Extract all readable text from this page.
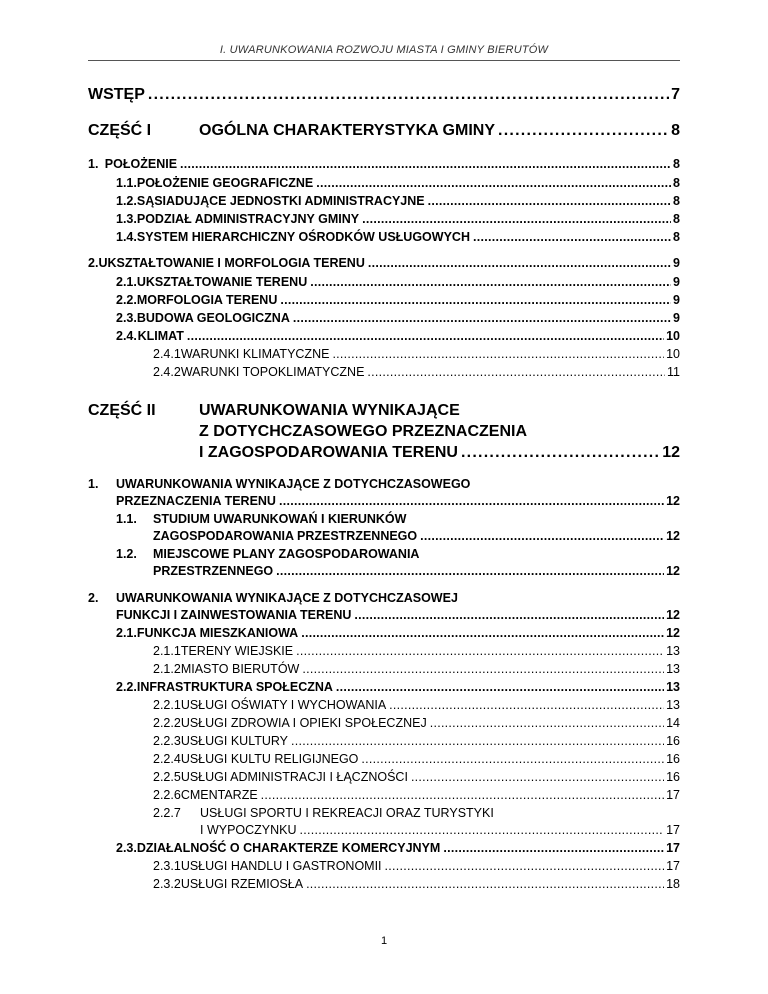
I. UWARUNKOWANIA ROZWOJU MIASTA I GMINY BIERUTÓW
WSTĘP . . .	7
CZĘŚĆ I	OGÓLNA CHARAKTERYSTYKA GMINY . . .	8
1. POŁOŻENIE . . .	8
1.1. POŁOŻENIE GEOGRAFICZNE . . .	8
1.2. SĄSIADUJĄCE JEDNOSTKI ADMINISTRACYJNE . . .	8
1.3. PODZIAŁ ADMINISTRACYJNY GMINY . . .	8
1.4. SYSTEM HIERARCHICZNY OŚRODKÓW USŁUGOWYCH . . .	8
2. UKSZTAŁTOWANIE I MORFOLOGIA TERENU . . .	9
2.1. UKSZTAŁTOWANIE TERENU . . .	9
2.2. MORFOLOGIA TERENU . . .	9
2.3. BUDOWA GEOLOGICZNA . . .	9
2.4. KLIMAT . . .	10
2.4.1 WARUNKI KLIMATYCZNE . . .	10
2.4.2 WARUNKI TOPOKLIMATYCZNE . . .	11
CZĘŚĆ II	UWARUNKOWANIA WYNIKAJĄCE
Z DOTYCHCZASOWEGO PRZEZNACZENIA
I ZAGOSPODAROWANIA TERENU . . .	12
1. UWARUNKOWANIA WYNIKAJĄCE Z DOTYCHCZASOWEGO
PRZEZNACZENIA TERENU . . .	12
1.1. STUDIUM UWARUNKOWAŃ I KIERUNKÓW
ZAGOSPODAROWANIA PRZESTRZENNEGO . . .	12
1.2. MIEJSCOWE PLANY ZAGOSPODAROWANIA
PRZESTRZENNEGO . . .	12
2. UWARUNKOWANIA WYNIKAJĄCE Z DOTYCHCZASOWEJ
FUNKCJI I ZAINWESTOWANIA TERENU . . .	12
2.1. FUNKCJA MIESZKANIOWA . . .	12
2.1.1 TERENY WIEJSKIE . . .	13
2.1.2 MIASTO BIERUTÓW . . .	13
2.2. INFRASTRUKTURA SPOŁECZNA . . .	13
2.2.1 USŁUGI OŚWIATY I WYCHOWANIA . . .	13
2.2.2 USŁUGI ZDROWIA I OPIEKI SPOŁECZNEJ . . .	14
2.2.3 USŁUGI KULTURY . . .	16
2.2.4 USŁUGI KULTU RELIGIJNEGO . . .	16
2.2.5 USŁUGI ADMINISTRACJI I ŁĄCZNOŚCI . . .	16
2.2.6 CMENTARZE . . .	17
2.2.7 USŁUGI SPORTU I REKREACJI ORAZ TURYSTYKI
I WYPOCZYNKU . . .	17
2.3. DZIAŁALNOŚĆ O CHARAKTERZE KOMERCYJNYM . . .	17
2.3.1 USŁUGI HANDLU I GASTRONOMII . . .	17
2.3.2 USŁUGI RZEMIOSŁA . . .	18
1
